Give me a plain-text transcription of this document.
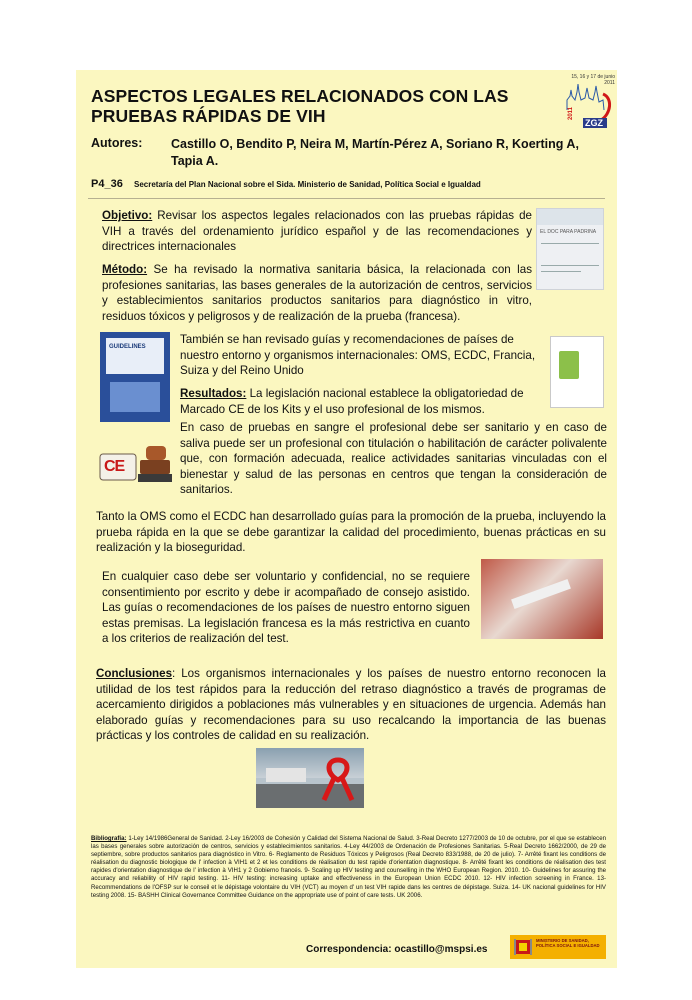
ASPECTOS LEGALES RELACIONADOS CON LAS
PRUEBAS RÁPIDAS DE VIH
15, 16 y 17 de junio 2011
2011
ZGZ
Autores: Castillo O, Bendito P, Neira M, Martín-Pérez A, Soriano R, Koerting A, Tapia A.
P4_36 Secretaría del Plan Nacional sobre el Sida. Ministerio de Sanidad, Política Social e Igualdad

Objetivo: Revisar los aspectos legales relacionados con las pruebas rápidas de VIH a través del ordenamiento jurídico español y de las recomendaciones y directrices internacionales

EL DOC PARA PADRINA

Método: Se ha revisado la normativa sanitaria básica, la relacionada con las profesiones sanitarias, las bases generales de la autorización de centros, servicios y establecimientos sanitarios productos sanitarios para diagnóstico in vitro, residuos tóxicos y peligrosos y de realización de la prueba (francesa).

GUIDELINES

También se han revisado guías y recomendaciones de países de nuestro entorno y organismos internacionales: OMS, ECDC, Francia, Suiza y del Reino Unido

Resultados: La legislación nacional establece la obligatoriedad de Marcado CE de los Kits y el uso profesional de los mismos.

En caso de pruebas en sangre el profesional debe ser sanitario y en caso de saliva puede ser un profesional con titulación o habilitación de carácter polivalente que, con formación adecuada, realice actividades sanitarias vinculadas con el bienestar y salud de las personas en centros que tengan la consideración de sanitarios.

CE

Tanto la OMS como el ECDC han desarrollado guías para la promoción de la prueba, incluyendo la prueba rápida en la que se debe garantizar la calidad del procedimiento, buenas prácticas en su realización y la bioseguridad.

En cualquier caso debe ser voluntario y confidencial, no se requiere consentimiento por escrito y debe ir acompañado de consejo asistido. Las guías o recomendaciones de los países de nuestro entorno siguen estas premisas. La legislación francesa es la más restrictiva en cuanto a los criterios de realización del test.

Conclusiones: Los organismos internacionales y los países de nuestro entorno reconocen la utilidad de los test rápidos para la reducción del retraso diagnóstico a través de programas de acercamiento dirigidos a poblaciones más vulnerables y en situaciones de urgencia. Además han elaborado guías y recomendaciones para su uso recalcando la importancia de las buenas prácticas y los controles de calidad en su realización.

Bibliografía: 1-Ley 14/1986General de Sanidad. 2-Ley 16/2003 de Cohesión y Calidad del Sistema Nacional de Salud. 3-Real Decreto 1277/2003 de 10 de octubre, por el que se establecen las bases generales sobre autorización de centros, servicios y establecimientos sanitarios. 4-Ley 44/2003 de Ordenación de Profesiones Sanitarias. 5-Real Decreto 1662/2000, de 29 de septiembre, sobre productos sanitarios para diagnóstico in Vitro. 6- Reglamento de Residuos Tóxicos y Peligrosos (Real Decreto 833/1988, de 20 de julio). 7- Arrêté fixant les conditions de réalisation du diagnostic biologique de l' infection à VIH1 et 2 et les conditions de réalisation du test rapide d'orientation diagnostique. 8- Arrêté fixant les conditions de réalisation des test rapides d'orientation diagnostique de l' infection à VIH1 y 2 Gobierno francés. 9- Scaling up HIV testing and counselling in the WHO European Region. 2010. 10- Guidelines for assuring the accuracy and reliability of HIV rapid testing. 11- HIV testing: increasing uptake and effectiveness in the European Union ECDC 2010. 12- HIV infection screening in France. 13-Recommendations de l'OFSP sur le conseil et le dépistage volontaire du VIH (VCT) au moyen d' un test VIH rapide dans les centres de dépistage. Suiza. 14- UK nacional guidelines for HIV testing 2008. 15- BASHH Clinical Governance Committee Guidance on the appropriate use of point of care tests. UK 2006.
Correspondencia: ocastillo@mspsi.es
MINISTERIO DE SANIDAD, POLÍTICA SOCIAL E IGUALDAD
